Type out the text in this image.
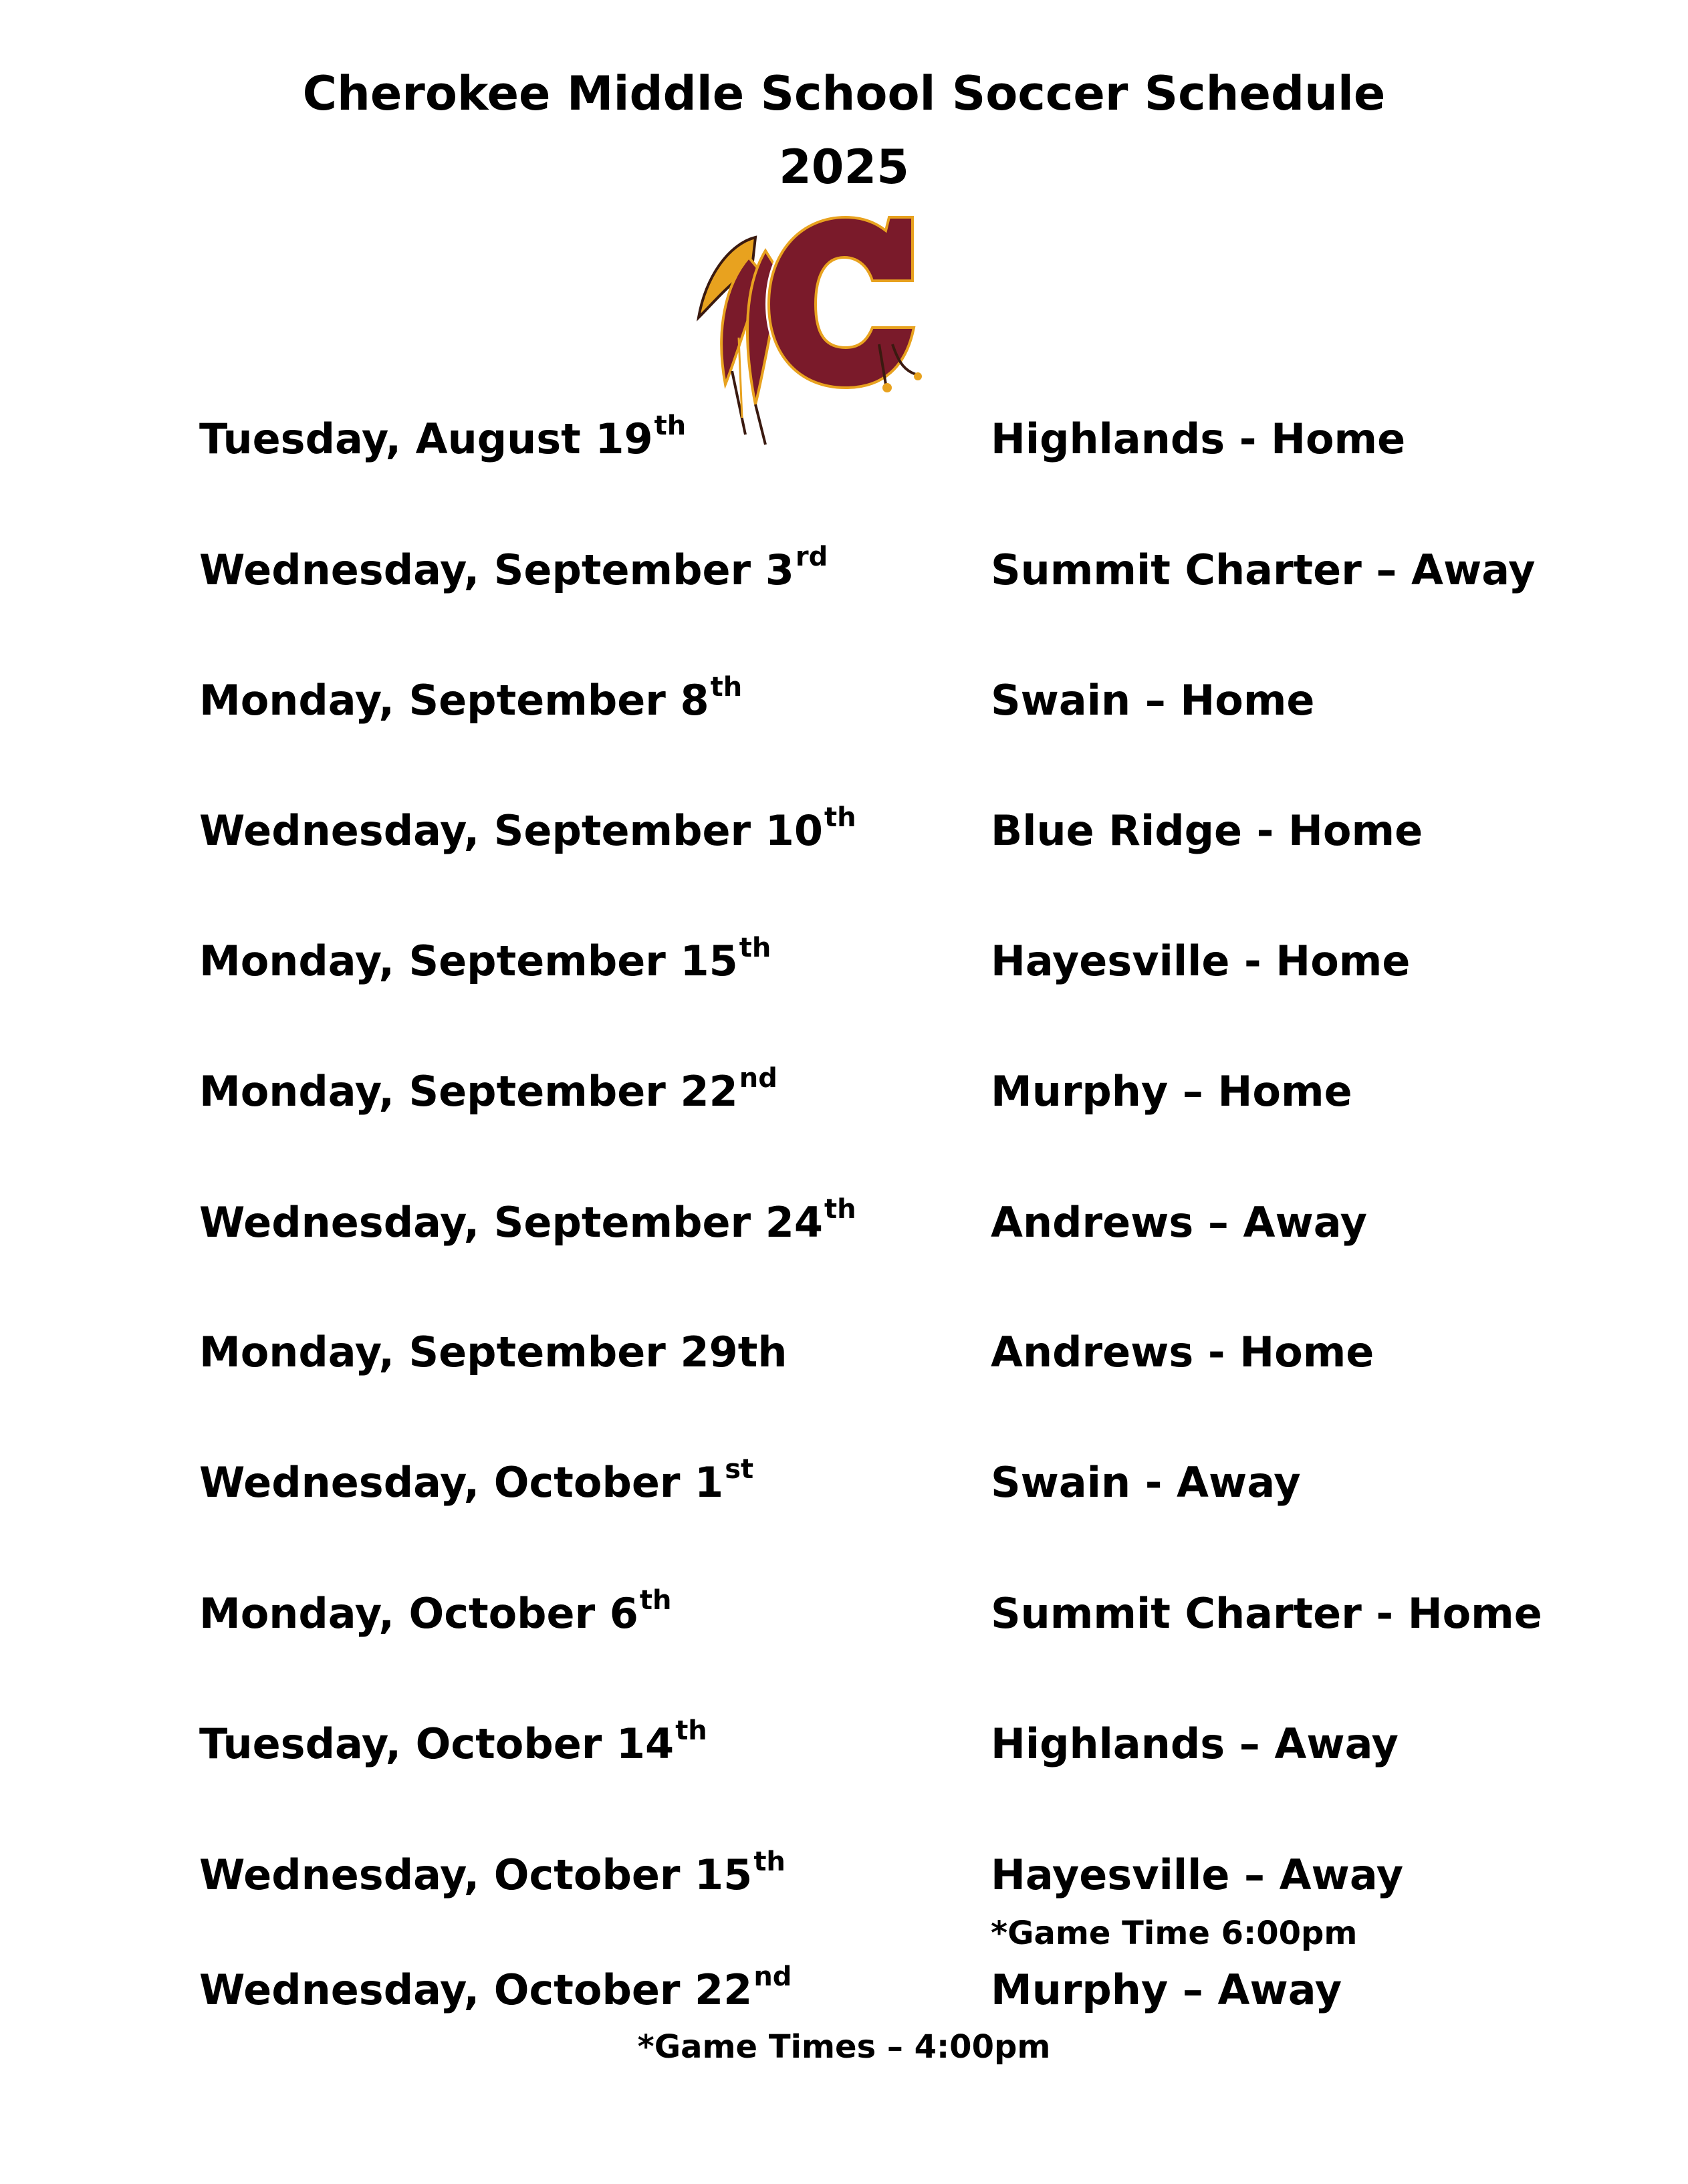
Cherokee Middle School Soccer Schedule
2025
Tuesday, August 19th	Highlands - Home
Wednesday, September 3rd	Summit Charter – Away
Monday, September 8th	Swain – Home
Wednesday, September 10th	Blue Ridge - Home
Monday, September 15th	Hayesville - Home
Monday, September 22nd	Murphy – Home
Wednesday, September 24th	Andrews – Away
Monday, September 29th	Andrews - Home
Wednesday, October 1st	Swain - Away
Monday, October 6th	Summit Charter - Home
Tuesday, October 14th	Highlands – Away
Wednesday, October 15th	Hayesville – Away
Wednesday, October 22nd	Murphy – Away
*Game Time 6:00pm
*Game Times – 4:00pm
